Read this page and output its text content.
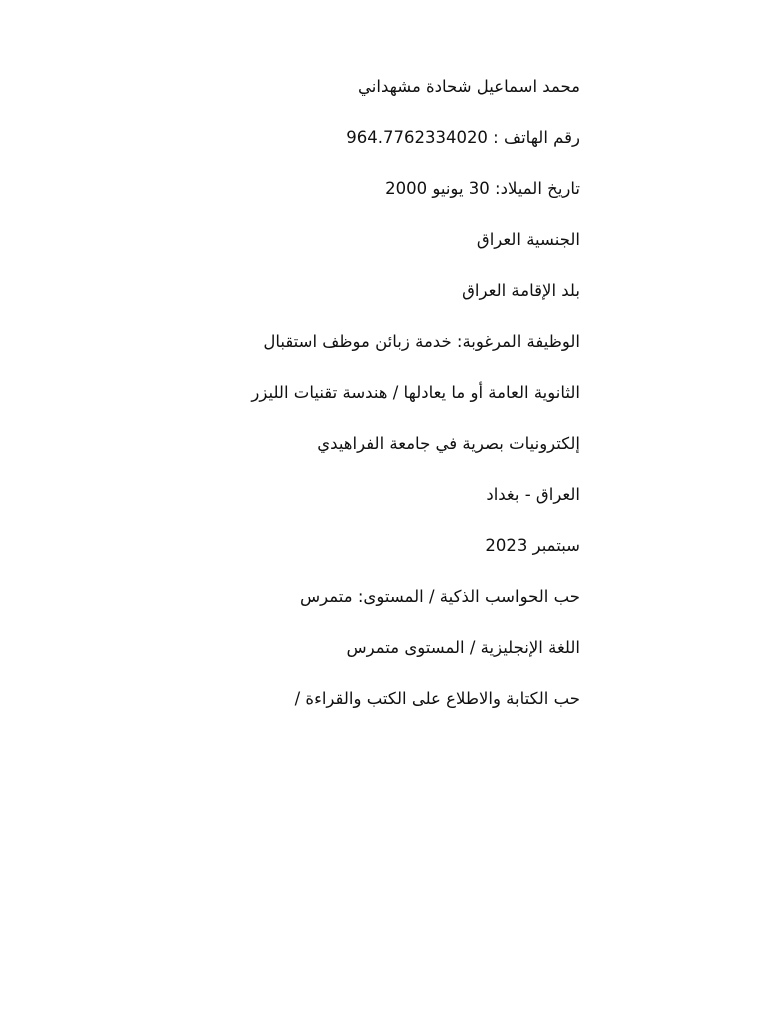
محمد اسماعيل شحادة مشهداني
رقم الهاتف : 964.7762334020
تاريخ الميلاد: 30 يونيو 2000
الجنسية العراق
بلد الإقامة العراق
الوظيفة المرغوبة: خدمة زبائن موظف استقبال
الثانوية العامة أو ما يعادلها / هندسة تقنيات الليزر
إلكترونيات بصرية في جامعة الفراهيدي
العراق - بغداد
سبتمبر 2023
حب الحواسب الذكية / المستوى: متمرس
اللغة الإنجليزية / المستوى متمرس
حب الكتابة والاطلاع على الكتب والقراءة /
